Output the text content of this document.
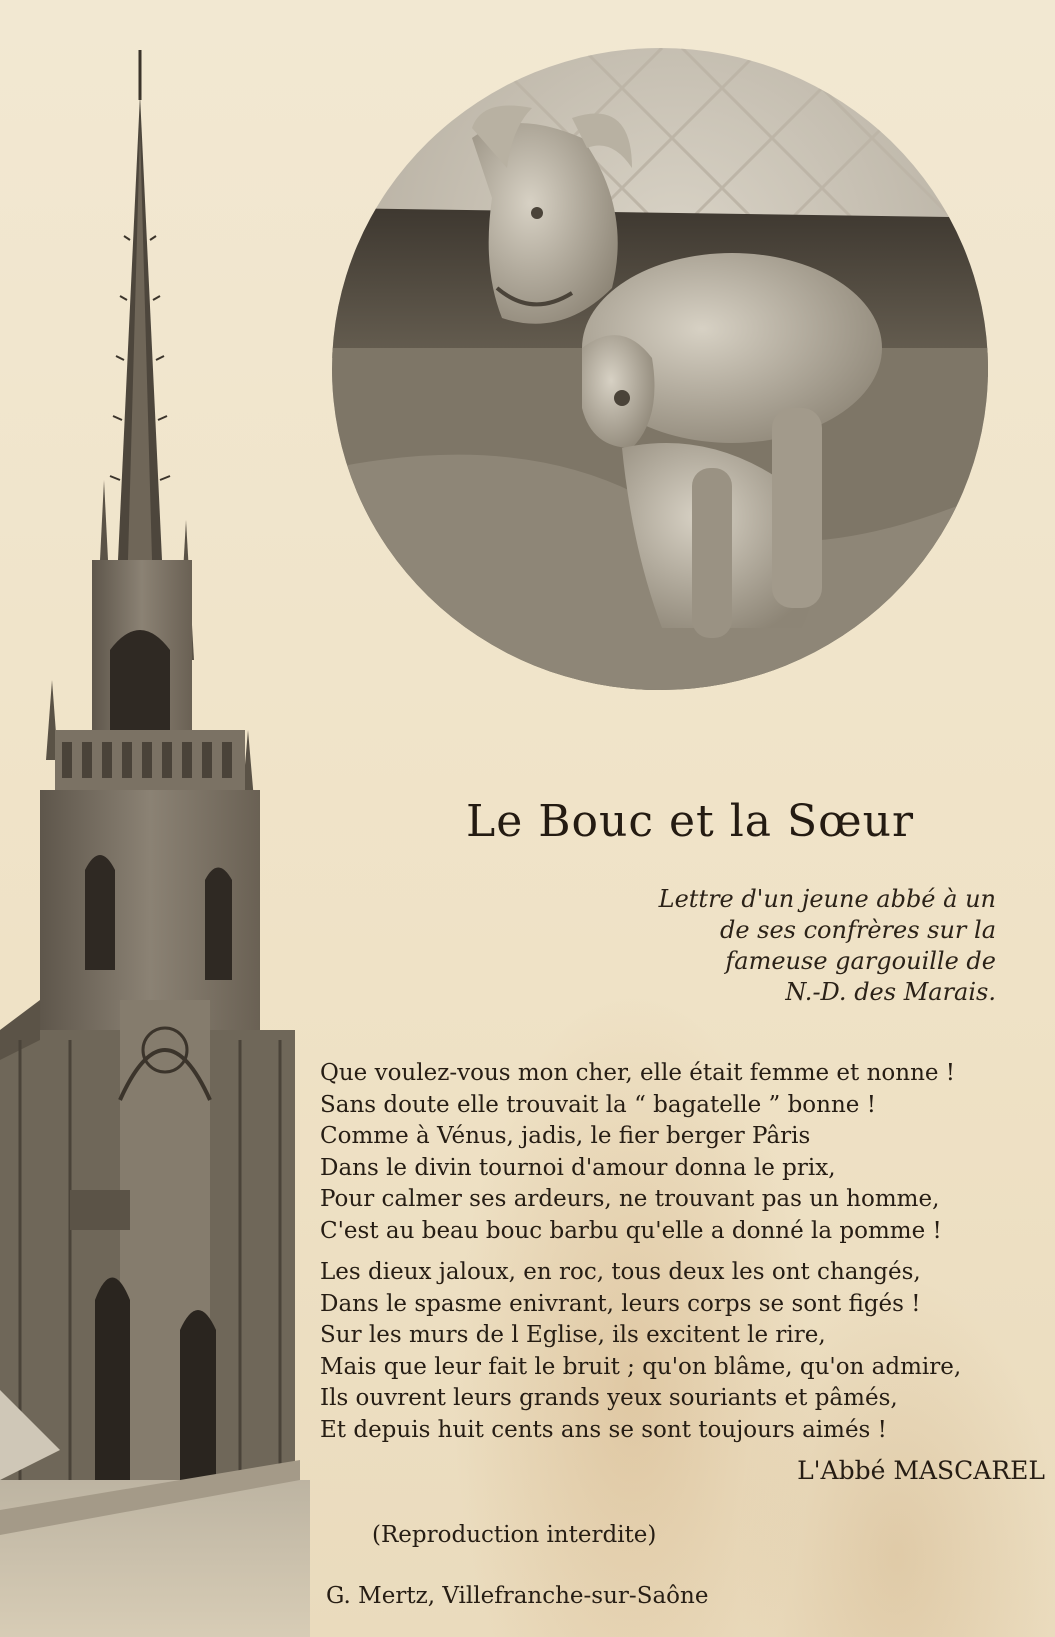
Le Bouc et la Sœur
Lettre d'un jeune abbé à un
de ses confrères sur la
fameuse gargouille de
N.-D. des Marais.
Que voulez-vous mon cher, elle était femme et nonne !
Sans doute elle trouvait la “ bagatelle ” bonne !
Comme à Vénus, jadis, le fier berger Pâris
Dans le divin tournoi d'amour donna le prix,
Pour calmer ses ardeurs, ne trouvant pas un homme,
C'est au beau bouc barbu qu'elle a donné la pomme !
Les dieux jaloux, en roc, tous deux les ont changés,
Dans le spasme enivrant, leurs corps se sont figés !
Sur les murs de l Eglise, ils excitent le rire,
Mais que leur fait le bruit ; qu'on blâme, qu'on admire,
Ils ouvrent leurs grands yeux souriants et pâmés,
Et depuis huit cents ans se sont toujours aimés !
L'Abbé MASCAREL
(Reproduction interdite)
G. Mertz, Villefranche-sur-Saône
